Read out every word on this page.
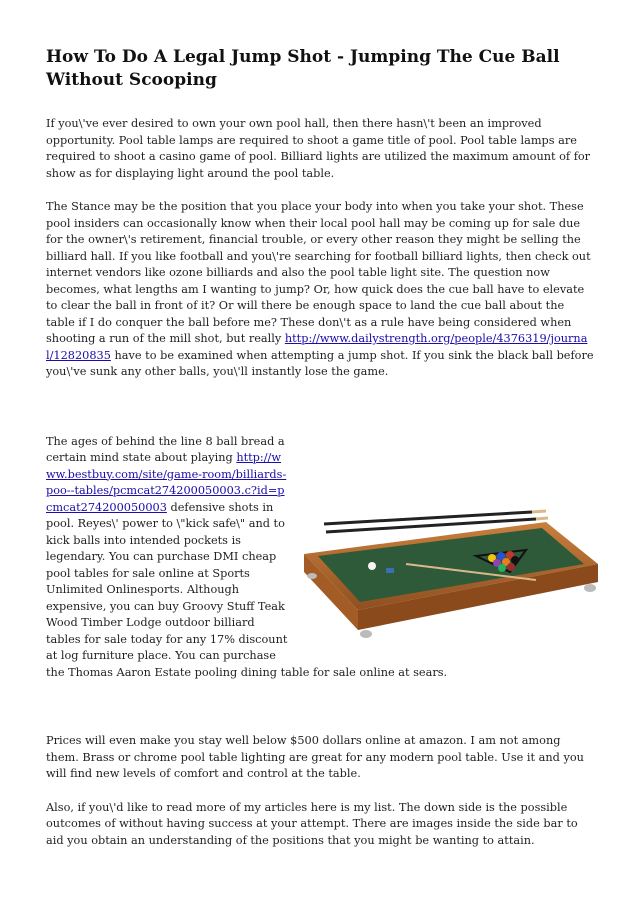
How To Do A Legal Jump Shot - Jumping The Cue Ball Without Scooping

If you\'ve ever desired to own your own pool hall, then there hasn\'t been an improved opportunity. Pool table lamps are required to shoot a game title of pool. Pool table lamps are required to shoot a casino game of pool. Billiard lights are utilized the maximum amount of for show as for displaying light around the pool table.

The Stance may be the position that you place your body into when you take your shot. These pool insiders can occasionally know when their local pool hall may be coming up for sale due for the owner\'s retirement, financial trouble, or every other reason they might be selling the billiard hall. If you like football and you\'re searching for football billiard lights, then check out internet vendors like ozone billiards and also the pool table light site. The question now becomes, what lengths am I wanting to jump? Or, how quick does the cue ball have to elevate to clear the ball in front of it? Or will there be enough space to land the cue ball about the table if I do conquer the ball before me? These don\'t as a rule have being considered when shooting a run of the mill shot, but really http://www.dailystrength.org/people/4376319/journal/12820835 have to be examined when attempting a jump shot. If you sink the black ball before you\'ve sunk any other balls, you\'ll instantly lose the game.

The ages of behind the line 8 ball bread a certain mind state about playing http://www.bestbuy.com/site/game-room/billiards-poo--tables/pcmcat274200050003.c?id=pcmcat274200050003 defensive shots in pool. Reyes\' power to \"kick safe\" and to kick balls into intended pockets is legendary. You can purchase DMI cheap pool tables for sale online at Sports Unlimited Onlinesports. Although expensive, you can buy Groovy Stuff Teak Wood Timber Lodge outdoor billiard tables for sale today for any 17% discount at log furniture place. You can purchase the Thomas Aaron Estate pooling dining table for sale online at sears.

Prices will even make you stay well below $500 dollars online at amazon. I am not among them. Brass or chrome pool table lighting are great for any modern pool table. Use it and you will find new levels of comfort and control at the table.

Also, if you\'d like to read more of my articles here is my list. The down side is the possible outcomes of without having success at your attempt. There are images inside the side bar to aid you obtain an understanding of the positions that you might be wanting to attain.
